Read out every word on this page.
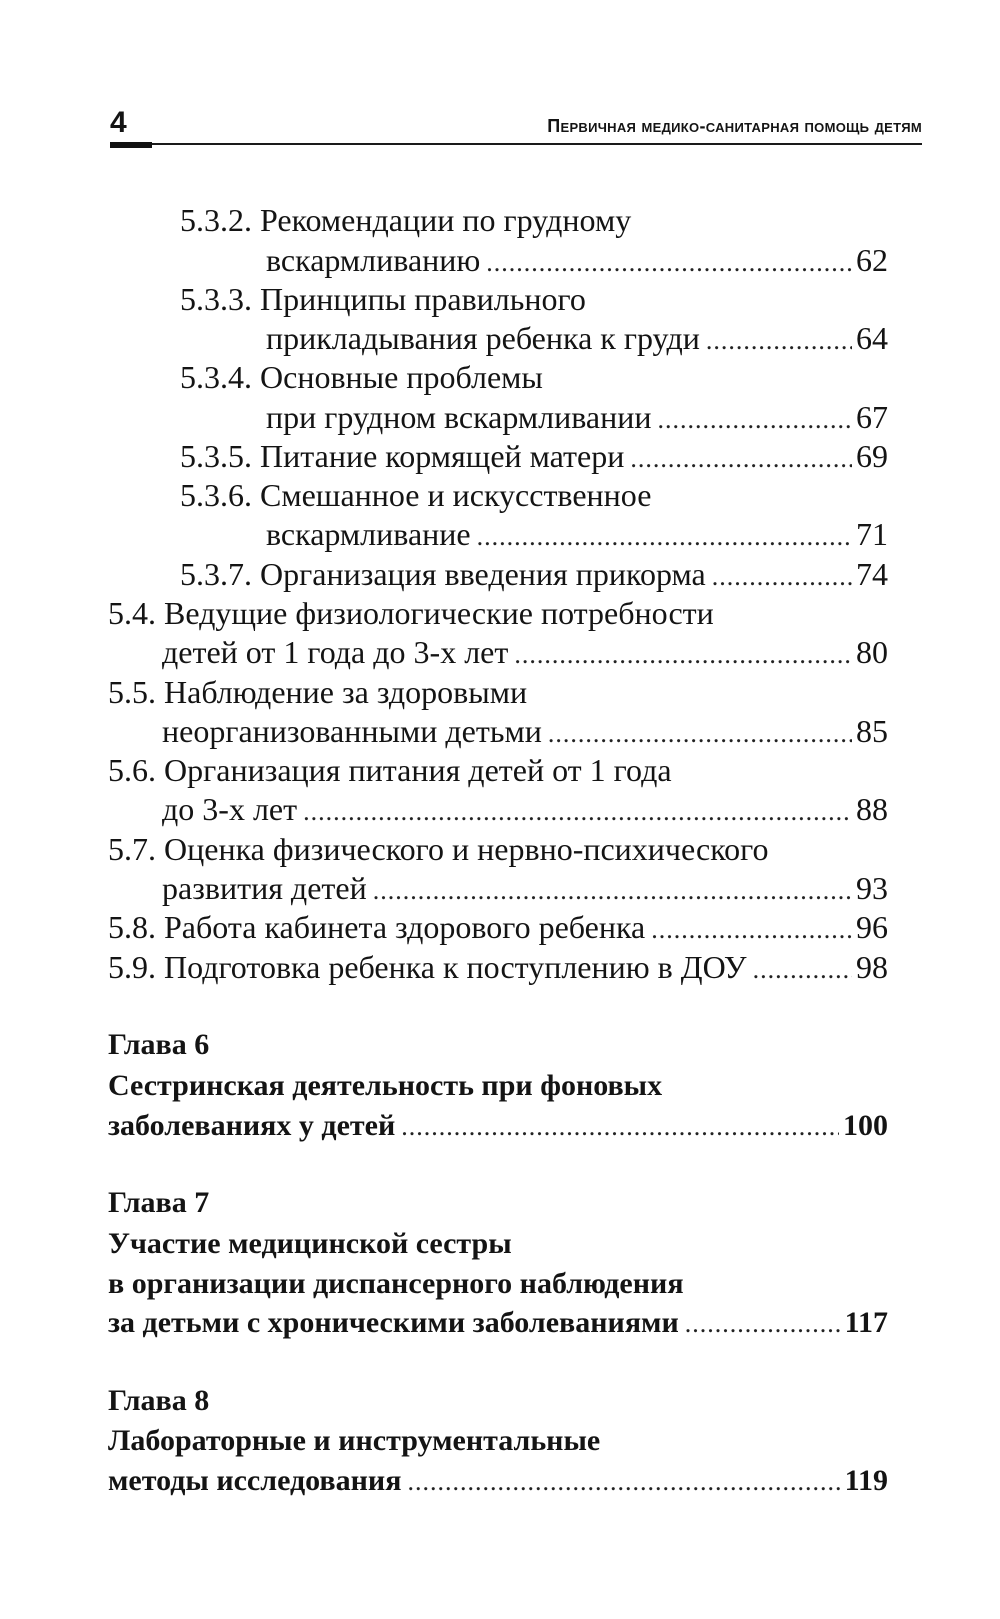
4	Первичная медико-санитарная помощь детям
5.3.2. Рекомендации по грудному
вскармливанию .....	62
5.3.3. Принципы правильного
прикладывания ребенка к груди .....	64
5.3.4. Основные проблемы
при грудном вскармливании .....	67
5.3.5. Питание кормящей матери .....	69
5.3.6. Смешанное и искусственное
вскармливание .....	71
5.3.7. Организация введения прикорма .....	74
5.4. Ведущие физиологические потребности
детей от 1 года до 3-х лет .....	80
5.5. Наблюдение за здоровыми
неорганизованными детьми .....	85
5.6. Организация питания детей от 1 года
до 3-х лет .....	88
5.7. Оценка физического и нервно-психического
развития детей .....	93
5.8. Работа кабинета здорового ребенка .....	96
5.9. Подготовка ребенка к поступлению в ДОУ .....	98
Глава 6
Сестринская деятельность при фоновых
заболеваниях у детей .....	100
Глава 7
Участие медицинской сестры
в организации диспансерного наблюдения
за детьми с хроническими заболеваниями .....	117
Глава 8
Лабораторные и инструментальные
методы исследования .....	119
